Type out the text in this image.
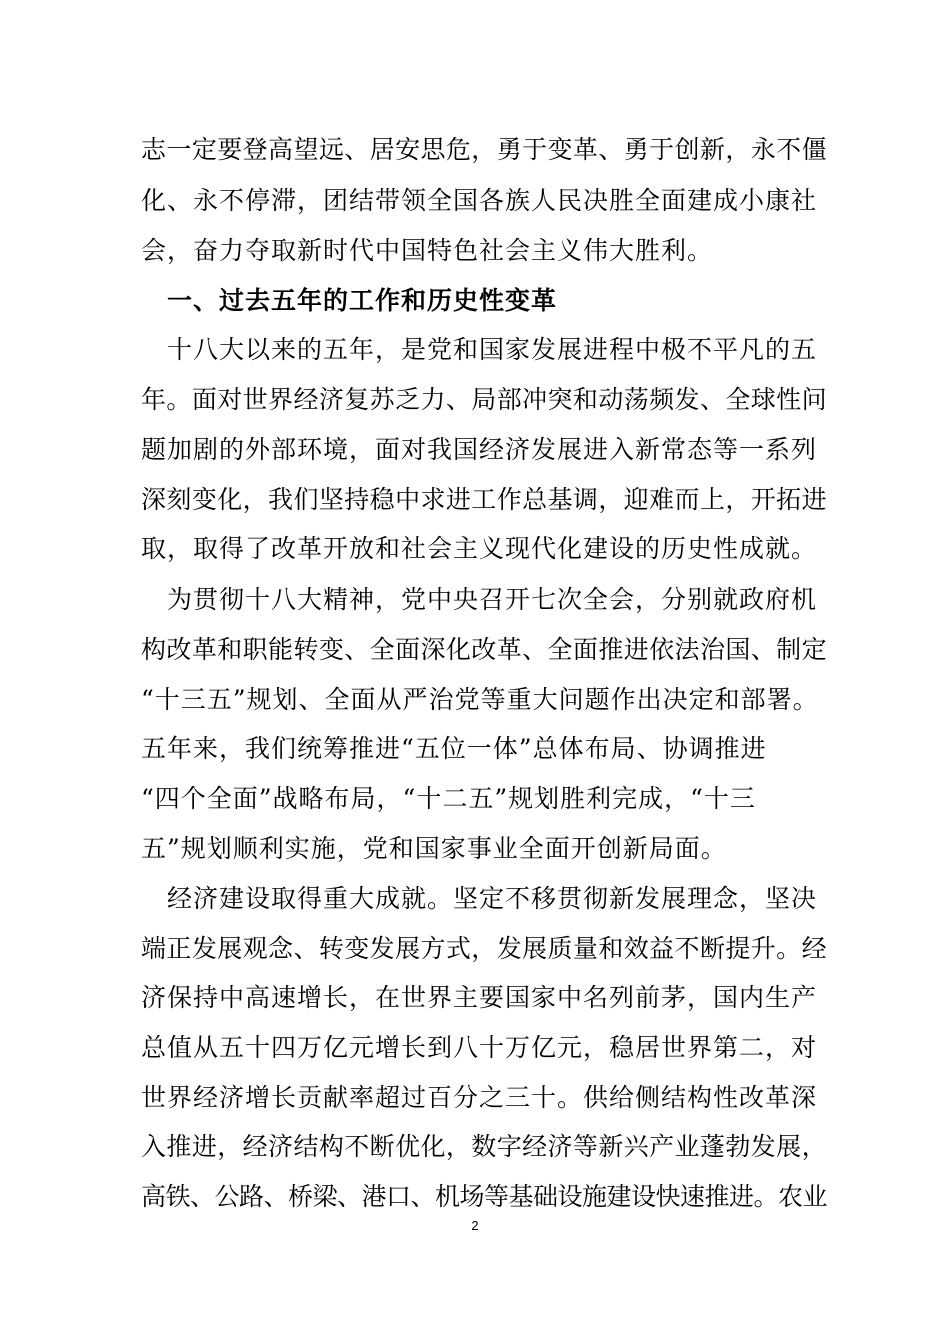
志一定要登高望远、居安思危，勇于变革、勇于创新，永不僵
化、永不停滞，团结带领全国各族人民决胜全面建成小康社
会，奋力夺取新时代中国特色社会主义伟大胜利。
　一、过去五年的工作和历史性变革
　十八大以来的五年，是党和国家发展进程中极不平凡的五
年。面对世界经济复苏乏力、局部冲突和动荡频发、全球性问
题加剧的外部环境，面对我国经济发展进入新常态等一系列
深刻变化，我们坚持稳中求进工作总基调，迎难而上，开拓进
取，取得了改革开放和社会主义现代化建设的历史性成就。
　为贯彻十八大精神，党中央召开七次全会，分别就政府机
构改革和职能转变、全面深化改革、全面推进依法治国、制定
“十三五”规划、全面从严治党等重大问题作出决定和部署。
五年来，我们统筹推进“五位一体”总体布局、协调推进
“四个全面”战略布局，“十二五”规划胜利完成，“十三
五”规划顺利实施，党和国家事业全面开创新局面。
　经济建设取得重大成就。坚定不移贯彻新发展理念，坚决
端正发展观念、转变发展方式，发展质量和效益不断提升。经
济保持中高速增长，在世界主要国家中名列前茅，国内生产
总值从五十四万亿元增长到八十万亿元，稳居世界第二，对
世界经济增长贡献率超过百分之三十。供给侧结构性改革深
入推进，经济结构不断优化，数字经济等新兴产业蓬勃发展，
高铁、公路、桥梁、港口、机场等基础设施建设快速推进。农业
2
